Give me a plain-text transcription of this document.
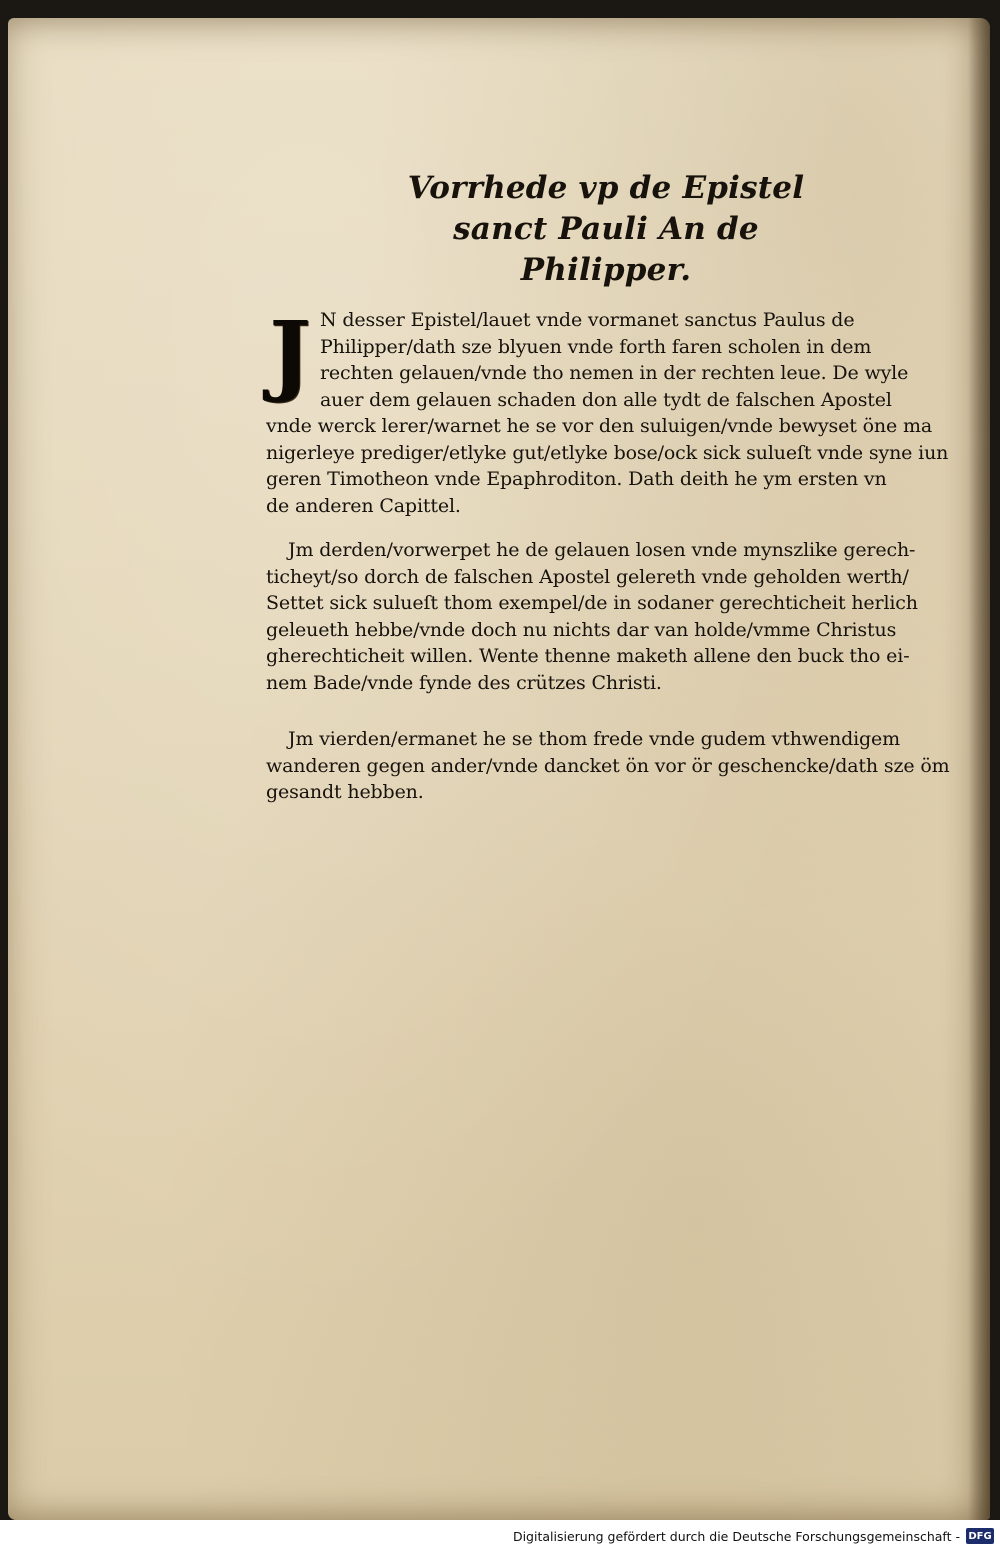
Vorrhede vp de Epistel
sanct Pauli An de
Philipper.
J N desser Epistel/lauet vnde vormanet sanctus Paulus de
Philipper/dath sze blyuen vnde forth faren scholen in dem
rechten gelauen/vnde tho nemen in der rechten leue. De wyle
auer dem gelauen schaden don alle tydt de falschen Apostel
vnde werck lerer/warnet he se vor den suluigen/vnde bewyset öne ma
nigerleye prediger/etlyke gut/etlyke bose/ock sick sulueſt vnde syne iun
geren Timotheon vnde Epaphroditon. Dath deith he ym ersten vn
de anderen Capittel.
Jm derden/vorwerpet he de gelauen losen vnde mynszlike gerech-
ticheyt/so dorch de falschen Apostel gelereth vnde geholden werth/
Settet sick sulueſt thom exempel/de in sodaner gerechticheit herlich
geleueth hebbe/vnde doch nu nichts dar van holde/vmme Christus
gherechticheit willen. Wente thenne maketh allene den buck tho ei-
nem Bade/vnde fynde des crützes Christi.
Jm vierden/ermanet he se thom frede vnde gudem vthwendigem
wanderen gegen ander/vnde dancket ön vor ör geschencke/dath sze öm
gesandt hebben.
Digitalisierung gefördert durch die Deutsche Forschungsgemeinschaft - DFG
